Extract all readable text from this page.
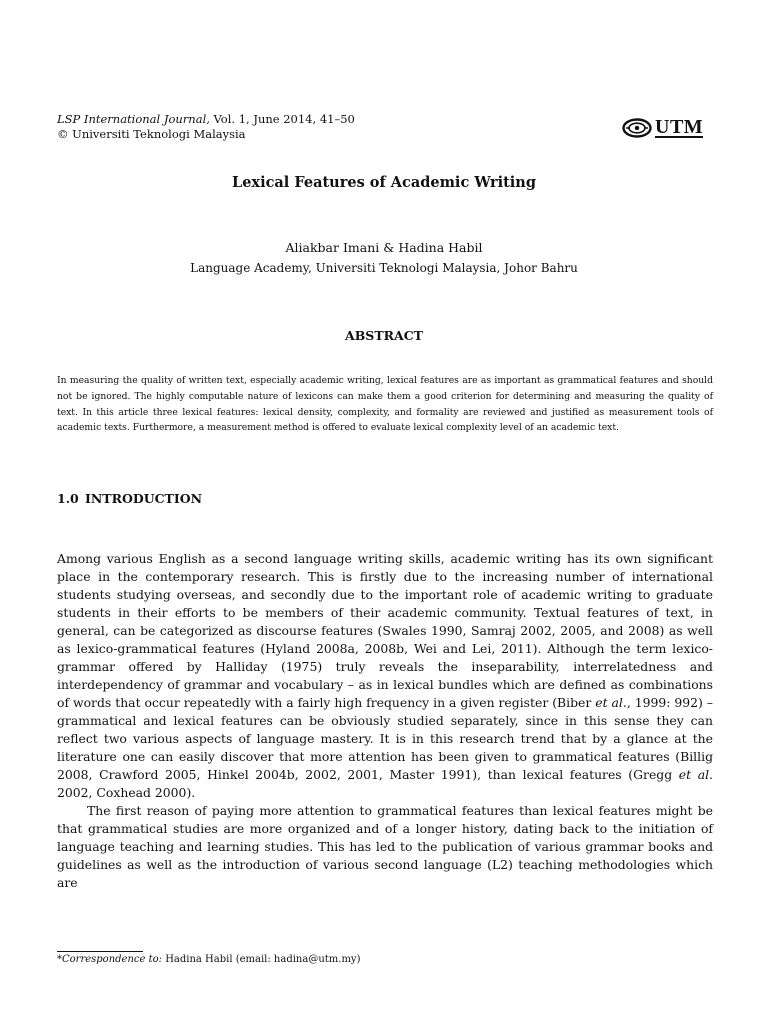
LSP International Journal, Vol. 1, June 2014, 41–50
© Universiti Teknologi Malaysia	UTM
Lexical Features of Academic Writing
Aliakbar Imani & Hadina Habil
Language Academy, Universiti Teknologi Malaysia, Johor Bahru
ABSTRACT
In measuring the quality of written text, especially academic writing, lexical features are as important as grammatical features and should not be ignored. The highly computable nature of lexicons can make them a good criterion for determining and measuring the quality of text. In this article three lexical features: lexical density, complexity, and formality are reviewed and justified as measurement tools of academic texts. Furthermore, a measurement method is offered to evaluate lexical complexity level of an academic text.
1.0 INTRODUCTION

Among various English as a second language writing skills, academic writing has its own significant place in the contemporary research. This is firstly due to the increasing number of international students studying overseas, and secondly due to the important role of academic writing to graduate students in their efforts to be members of their academic community. Textual features of text, in general, can be categorized as discourse features (Swales 1990, Samraj 2002, 2005, and 2008) as well as lexico-grammatical features (Hyland 2008a, 2008b, Wei and Lei, 2011). Although the term lexico-grammar offered by Halliday (1975) truly reveals the inseparability, interrelatedness and interdependency of grammar and vocabulary – as in lexical bundles which are defined as combinations of words that occur repeatedly with a fairly high frequency in a given register (Biber et al., 1999: 992) – grammatical and lexical features can be obviously studied separately, since in this sense they can reflect two various aspects of language mastery. It is in this research trend that by a glance at the literature one can easily discover that more attention has been given to grammatical features (Billig 2008, Crawford 2005, Hinkel 2004b, 2002, 2001, Master 1991), than lexical features (Gregg et al. 2002, Coxhead 2000).

The first reason of paying more attention to grammatical features than lexical features might be that grammatical studies are more organized and of a longer history, dating back to the initiation of language teaching and learning studies. This has led to the publication of various grammar books and guidelines as well as the introduction of various second language (L2) teaching methodologies which are

*Correspondence to: Hadina Habil (email: hadina@utm.my)
